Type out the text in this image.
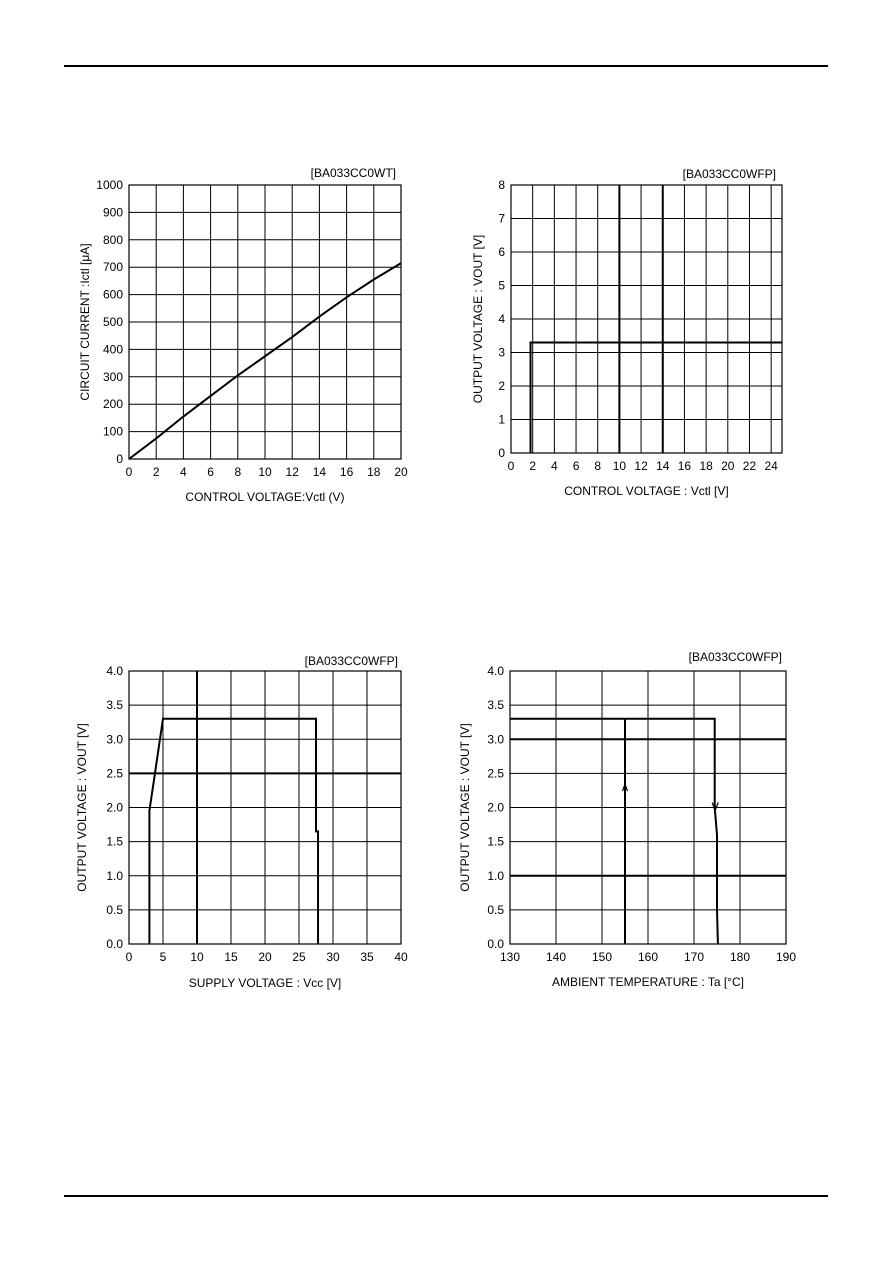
0 2 4 6 8 10 12 14 16 18 20
0
100
200
300
400
500
600
700
800
900
1000
[BA033CC0WT]
CONTROL VOLTAGE:Vctl (V)
CIRCUIT CURRENT :Ictl [μA]
0 2 4 6 8 10 12 14 16 18 20 22 24
0
1
2
3
4
5
6
7
8
[BA033CC0WFP]
CONTROL VOLTAGE : Vctl [V]
OUTPUT VOLTAGE : VOUT [V]
0 5 10 15 20 25 30 35 40
0.0
0.5
1.0
1.5
2.0
2.5
3.0
3.5
4.0
[BA033CC0WFP]
SUPPLY VOLTAGE : Vcc [V]
OUTPUT VOLTAGE : VOUT [V]
130 140 150 160 170 180 190
0.0
0.5
1.0
1.5
2.0
2.5
3.0
3.5
4.0
[BA033CC0WFP]
AMBIENT TEMPERATURE : Ta [°C]
OUTPUT VOLTAGE : VOUT [V]
